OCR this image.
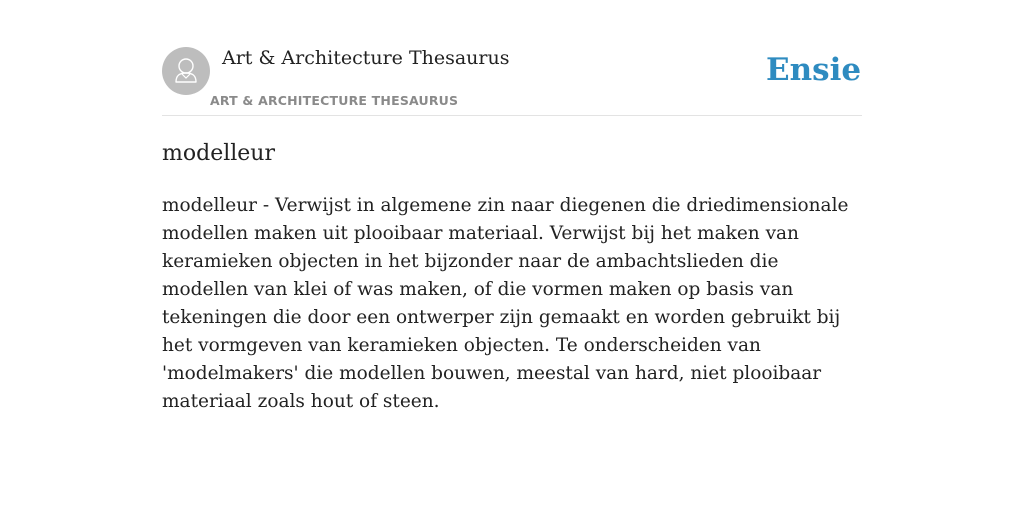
Art & Architecture Thesaurus
ART & ARCHITECTURE THESAURUS
Ensie
modelleur

modelleur - Verwijst in algemene zin naar diegenen die driedimensionale modellen maken uit plooibaar materiaal. Verwijst bij het maken van keramieken objecten in het bijzonder naar de ambachtslieden die modellen van klei of was maken, of die vormen maken op basis van tekeningen die door een ontwerper zijn gemaakt en worden gebruikt bij het vormgeven van keramieken objecten. Te onderscheiden van 'modelmakers' die modellen bouwen, meestal van hard, niet plooibaar materiaal zoals hout of steen.
